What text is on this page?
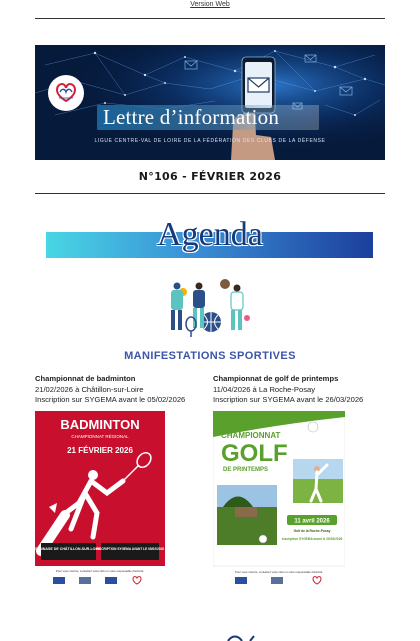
Version Web
Lettre d’information
LIGUE CENTRE-VAL DE LOIRE DE LA FÉDÉRATION DES CLUBS DE LA DÉFENSE
N°106 - FÉVRIER 2026
Agenda
MANIFESTATIONS SPORTIVES
Championnat de badminton
21/02/2026 à Châtillon-sur-Loire
Inscription sur SYGEMA avant le 05/02/2026
Championnat de golf de printemps
11/04/2026 à La Roche-Posay
Inscription sur SYGEMA avant le 26/03/2026
BADMINTON
CHAMPIONNAT RÉGIONAL
21 FÉVRIER 2026
GYMNASE DE CHÂTILLON-SUR-LOIRE
INSCRIPTION SYGEMA AVANT LE 05/02/2026
Pour vous inscrire, contactez votre club ou votre responsable d'activité.
CHAMPIONNAT
GOLF
DE PRINTEMPS
11 avril 2026
Golf de la Roche-Posay
Inscription SYGEMA avant le 26/03/2026
Pour vous inscrire, contactez votre club ou votre responsable d'activité.
